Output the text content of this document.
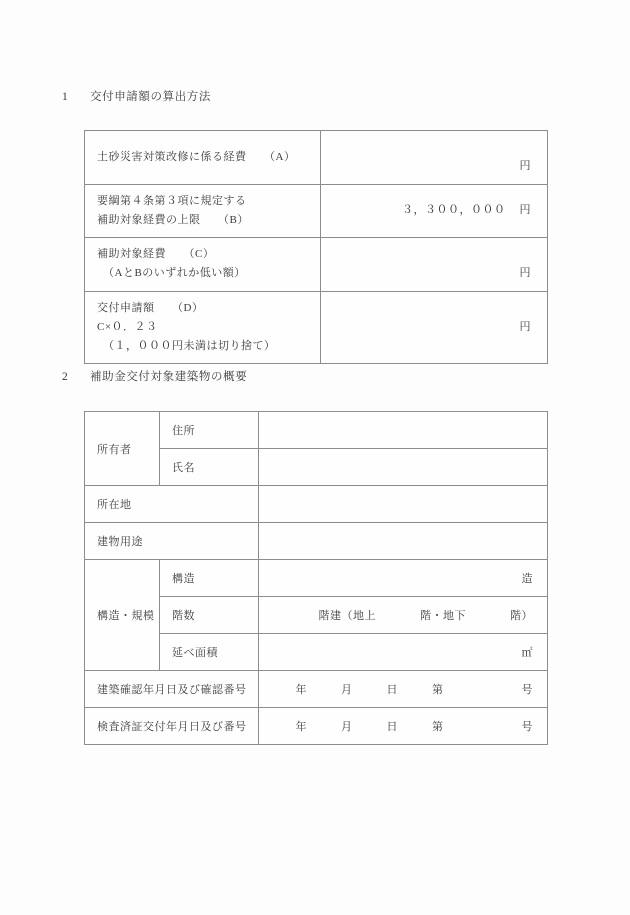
1 交付申請額の算出方法
土砂災害対策改修に係る経費　　（A）	円

要綱第４条第３項に規定する
補助対象経費の上限　　（B）	３，３００，０００ 円

補助対象経費　　（C）
（AとBのいずれか低い額）	円

交付申請額　　（D）
C×０．２３
（１，０００円未満は切り捨て）	円

2 補助金交付対象建築物の概要
所有者	住所	
	氏名	
所在地		
建物用途		
構造・規模	構造	造
	階数	階建（地上 階・地下 階）
	延べ面積	㎡
建築確認年月日及び確認番号		年 月 日 第 号
検査済証交付年月日及び番号		年 月 日 第 号
